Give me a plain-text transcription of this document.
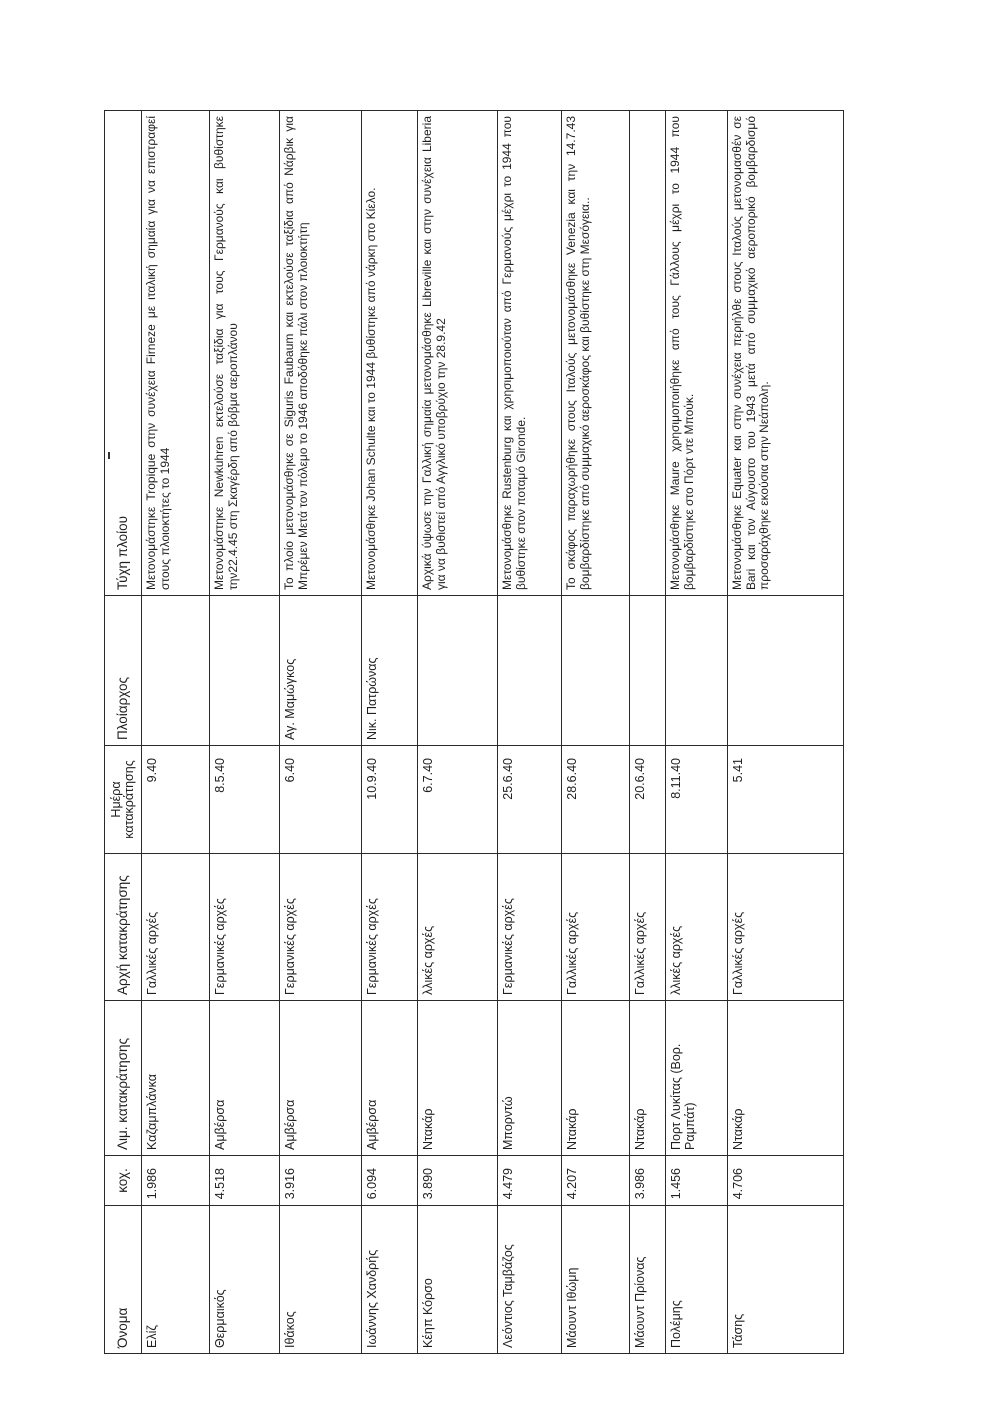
Όνομα	κοχ.	Λιμ. κατακράτησης	Αρχή κατακράτησης	Ημέρα
κατακράτησης	Πλοίαρχος	Τύχη πλοίου
Ελίζ	1.986	Καζαμπλάνκα	Γαλλικές αρχές	9.40		Μετονομάστηκε Tropique στην συνέχεια Firneze με ιταλική σημαία για να επιστραφεί στους πλοιοκτήτες το 1944
Θερμαικός	4.518	Αμβέρσα	Γερμανικές αρχές	8.5.40		Μετονομάστηκε Newkuhren εκτελούσε ταξίδια για τους Γερμανούς και βυθίστηκε την22.4.45 στη Σκαγέρδη από βόβμα αεροπλάνου
Ιθάκος	3.916	Αμβέρσα	Γερμανικές αρχές	6.40	Αγ. Μαμώγκος	Το πλοίο μετονομάσθηκε σε Siguris Faubaum και εκτελούσε ταξίδια από Νάρβικ για Μπρέμεν Μετά τον πόλεμο το 1946 αποδόθηκε πάλι στον πλοιοκτήτη
Ιωάννης Χανδρής	6.094	Αμβέρσα	Γερμανικές αρχές	10.9.40	Νικ. Πατρώνας	Μετονομάσθηκε Johan Schulte και το 1944 βυθίστηκε από νάρκη στο Κίελο.
Κέηπ Κόρσο	3.890	Ντακάρ	λλικές αρχές	6.7.40		Αρχικά ύψωσε την Γαλλική σημαία μετονομάσθηκε Libreville και στην συνέχεια Liberia για να βυθιστεί από Αγγλικό υποβρύχιο την 28.9.42
Λεόντιος Ταμβάζος	4.479	Μπορντώ	Γερμανικές αρχές	25.6.40		Μετονομάσθηκε Rustenburg και χρησιμοποιούταν από Γερμανούς μέχρι το 1944 που βυθίστηκε στον ποταμό Gironde.
Μάουντ Ιθώμη	4.207	Ντακάρ	Γαλλικές αρχές	28.6.40		Το σκάφος παραχωρήθηκε στους Ιταλούς μετονομάσθηκε Venezia και την 14.7.43 βομβαρδίστηκε από συμμαχικό αεροσκάφος και βυθίστηκε στη Μεσόγεια..
Μάουντ Πρίονας	3.986	Ντακάρ	Γαλλικές αρχές	20.6.40		
Πολέμης	1.456	Πορτ Λυκίτας (Βορ. Ραμπάτ)	λλικές αρχές	8.11.40		Μετονομάσθηκε Maure χρησιμοποιήθηκε από τους Γάλλους μέχρι το 1944 που βομβαρδίστηκε στο Πόρτ ντε Μπούκ.
Τάσης	4.706	Ντακάρ	Γαλλικές αρχές	5.41		Μετονομάσθηκε Equater και στην συνέχεια περιήλθε στους Ιταλούς μετονομασθέν σε Bari και τον Αύγουστο του 1943 μετά από συμμαχικό αεροπορικό βομβαρδισμό προσαράχθηκε εκούσια στην Νεάπολη.
